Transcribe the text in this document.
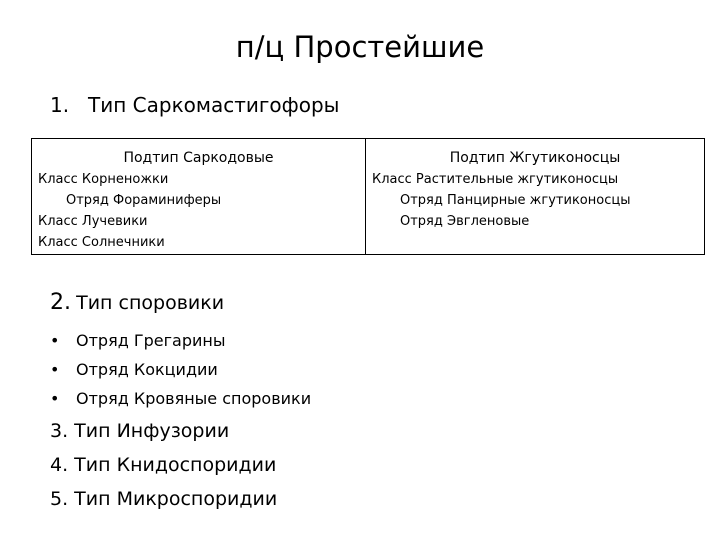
п/ц Простейшие
1. Тип Саркомастигофоры
Подтип Саркодовые
Класс Корненожки
Отряд Фораминиферы
Класс Лучевики
Класс Солнечники
Подтип Жгутиконосцы
Класс Растительные жгутиконосцы
Отряд Панцирные жгутиконосцы
Отряд Эвгленовые
2. Тип споровики
• Отряд Грегарины
• Отряд Кокцидии
• Отряд Кровяные споровики
3. Тип Инфузории
4. Тип Книдоспоридии
5. Тип Микроспоридии
